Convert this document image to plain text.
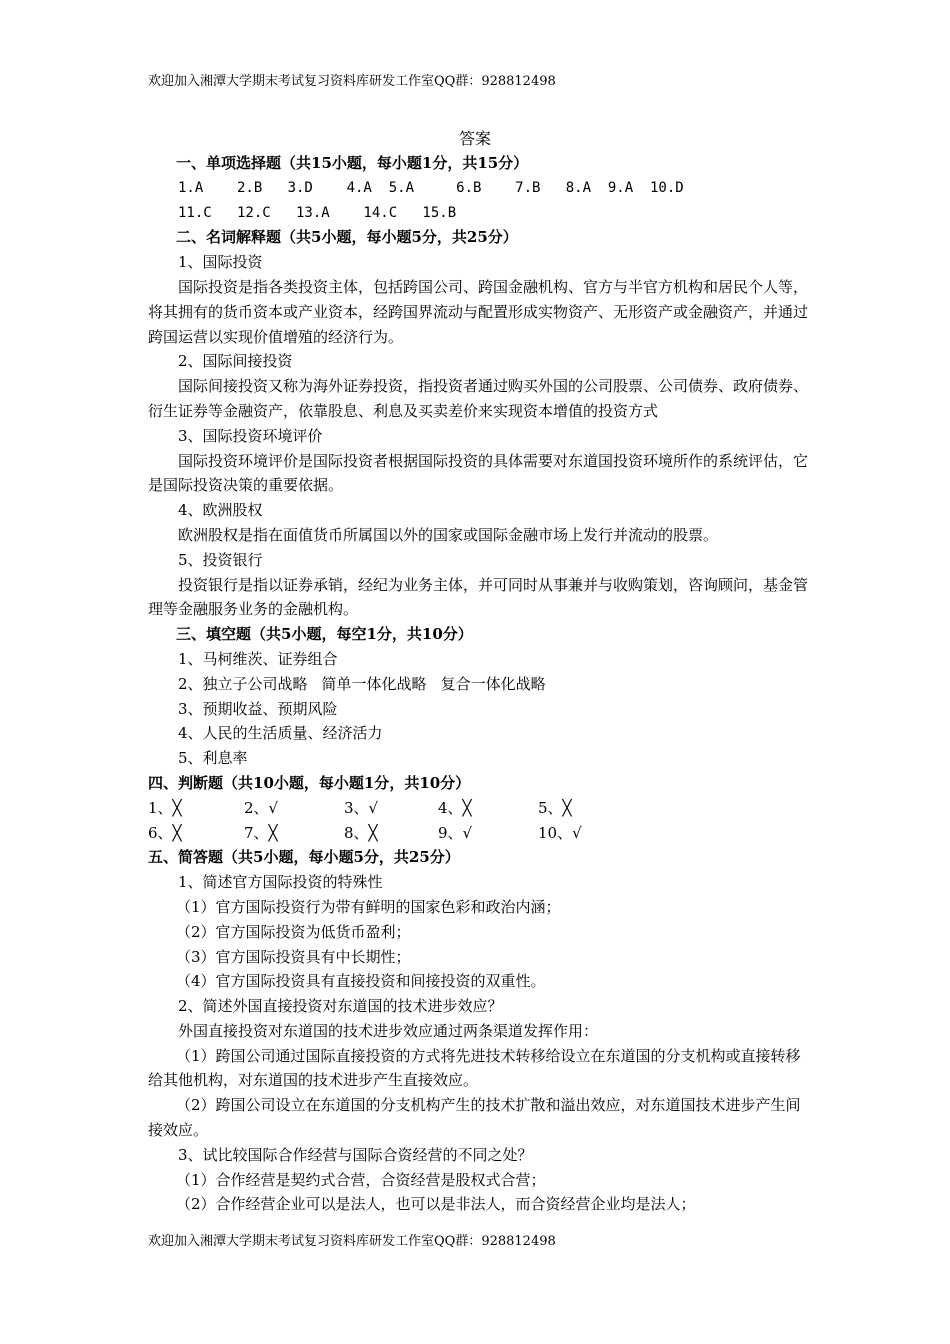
欢迎加入湘潭大学期末考试复习资料库研发工作室QQ群：928812498
答案

一、单项选择题（共15小题，每小题1分，共15分）

1.A    2.B   3.D    4.A  5.A     6.B    7.B   8.A  9.A  10.D

11.C   12.C   13.A    14.C   15.B

二、名词解释题（共5小题，每小题5分，共25分）

1、国际投资

国际投资是指各类投资主体，包括跨国公司、跨国金融机构、官方与半官方机构和居民个人等，将其拥有的货币资本或产业资本，经跨国界流动与配置形成实物资产、无形资产或金融资产，并通过跨国运营以实现价值增殖的经济行为。

2、国际间接投资

国际间接投资又称为海外证券投资，指投资者通过购买外国的公司股票、公司债券、政府债券、衍生证券等金融资产，依靠股息、利息及买卖差价来实现资本增值的投资方式

3、国际投资环境评价

国际投资环境评价是国际投资者根据国际投资的具体需要对东道国投资环境所作的系统评估，它是国际投资决策的重要依据。

4、欧洲股权

欧洲股权是指在面值货币所属国以外的国家或国际金融市场上发行并流动的股票。

5、投资银行

投资银行是指以证券承销，经纪为业务主体，并可同时从事兼并与收购策划，咨询顾问，基金管理等金融服务业务的金融机构。

三、填空题（共5小题，每空1分，共10分）

1、马柯维茨、证券组合

2、独立子公司战略 简单一体化战略 复合一体化战略

3、预期收益、预期风险

4、人民的生活质量、经济活力

5、利息率

四、判断题（共10小题，每小题1分，共10分）

1、╳	2、√	3、√	4、╳	5、╳
6、╳	7、╳	8、╳	9、√	10、√

五、简答题（共5小题，每小题5分，共25分）

1、简述官方国际投资的特殊性

（1）官方国际投资行为带有鲜明的国家色彩和政治内涵；

（2）官方国际投资为低货币盈利；

（3）官方国际投资具有中长期性；

（4）官方国际投资具有直接投资和间接投资的双重性。

2、简述外国直接投资对东道国的技术进步效应？

外国直接投资对东道国的技术进步效应通过两条渠道发挥作用：

（1）跨国公司通过国际直接投资的方式将先进技术转移给设立在东道国的分支机构或直接转移给其他机构，对东道国的技术进步产生直接效应。

（2）跨国公司设立在东道国的分支机构产生的技术扩散和溢出效应，对东道国技术进步产生间接效应。

3、试比较国际合作经营与国际合资经营的不同之处？

（1）合作经营是契约式合营，合资经营是股权式合营；

（2）合作经营企业可以是法人，也可以是非法人，而合资经营企业均是法人；

欢迎加入湘潭大学期末考试复习资料库研发工作室QQ群：928812498
